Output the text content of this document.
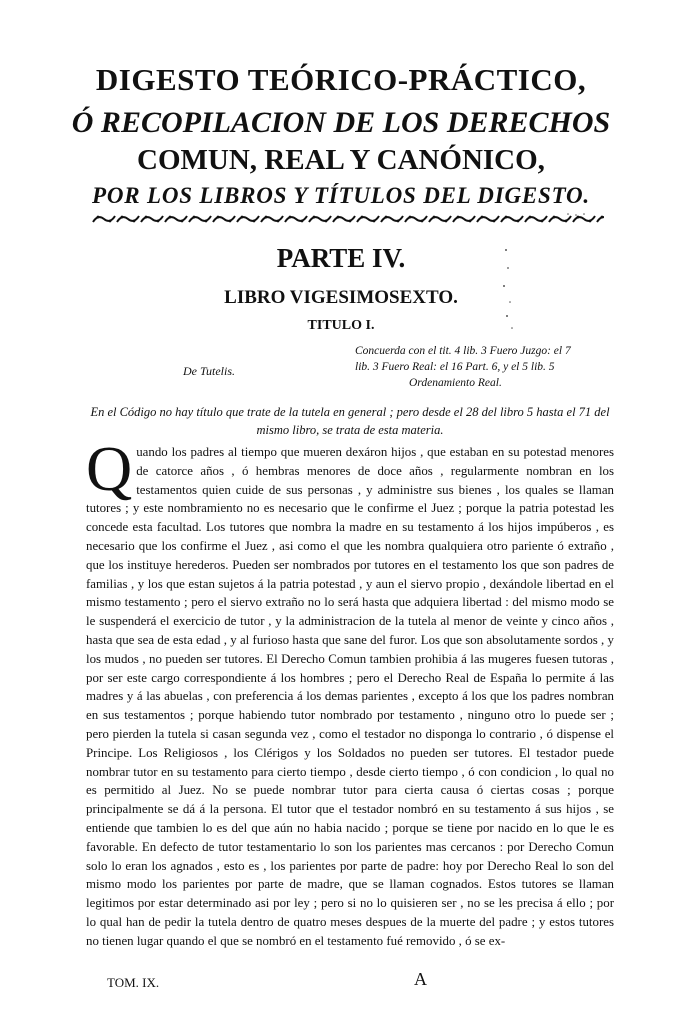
DIGESTO TEÓRICO-PRÁCTICO,
Ó RECOPILACION DE LOS DERECHOS
COMUN, REAL Y CANÓNICO,
POR LOS LIBROS Y TÍTULOS DEL DIGESTO.
PARTE IV.
LIBRO VIGESIMOSEXTO.
TITULO I.
De Tutelis.
Concuerda con el tit. 4 lib. 3 Fuero Juzgo: el 7
lib. 3 Fuero Real: el 16 Part. 6, y el 5 lib. 5
Ordenamiento Real.
En el Código no hay título que trate de la tutela en general ; pero desde el 28 del libro 5 hasta el 71 del mismo libro, se trata de esta materia.
Quando los padres al tiempo que mueren dexáron hijos , que estaban en su potestad menores de catorce años , ó hembras menores de doce años , regularmente nombran en los testamentos quien cuide de sus personas , y administre sus bienes , los quales se llaman tutores ; y este nombramiento no es necesario que le confirme el Juez ; porque la patria potestad les concede esta facultad. Los tutores que nombra la madre en su testamento á los hijos impúberos , es necesario que los confirme el Juez , asi como el que les nombra qualquiera otro pariente ó extraño , que los instituye herederos. Pueden ser nombrados por tutores en el testamento los que son padres de familias , y los que estan sujetos á la patria potestad , y aun el siervo propio , dexándole libertad en el mismo testamento ; pero el siervo extraño no lo será hasta que adquiera libertad : del mismo modo se le suspenderá el exercicio de tutor , y la administracion de la tutela al menor de veinte y cinco años , hasta que sea de esta edad , y al furioso hasta que sane del furor. Los que son absolutamente sordos , y los mudos , no pueden ser tutores. El Derecho Comun tambien prohibia á las mugeres fuesen tutoras , por ser este cargo correspondiente á los hombres ; pero el Derecho Real de España lo permite á las madres y á las abuelas , con preferencia á los demas parientes , excepto á los que los padres nombran en sus testamentos ; porque habiendo tutor nombrado por testamento , ninguno otro lo puede ser ; pero pierden la tutela si casan segunda vez , como el testador no disponga lo contrario , ó dispense el Principe. Los Religiosos , los Clérigos y los Soldados no pueden ser tutores. El testador puede nombrar tutor en su testamento para cierto tiempo , desde cierto tiempo , ó con condicion , lo qual no es permitido al Juez. No se puede nombrar tutor para cierta causa ó ciertas cosas ; porque principalmente se dá á la persona. El tutor que el testador nombró en su testamento á sus hijos , se entiende que tambien lo es del que aún no habia nacido ; porque se tiene por nacido en lo que le es favorable. En defecto de tutor testamentario lo son los parientes mas cercanos : por Derecho Comun solo lo eran los agnados , esto es , los parientes por parte de padre: hoy por Derecho Real lo son del mismo modo los parientes por parte de madre, que se llaman cognados. Estos tutores se llaman legitimos por estar determinado asi por ley ; pero si no lo quisieren ser , no se les precisa á ello ; por lo qual han de pedir la tutela dentro de quatro meses despues de la muerte del padre ; y estos tutores no tienen lugar quando el que se nombró en el testamento fué removido , ó se ex-
TOM. IX.	A
